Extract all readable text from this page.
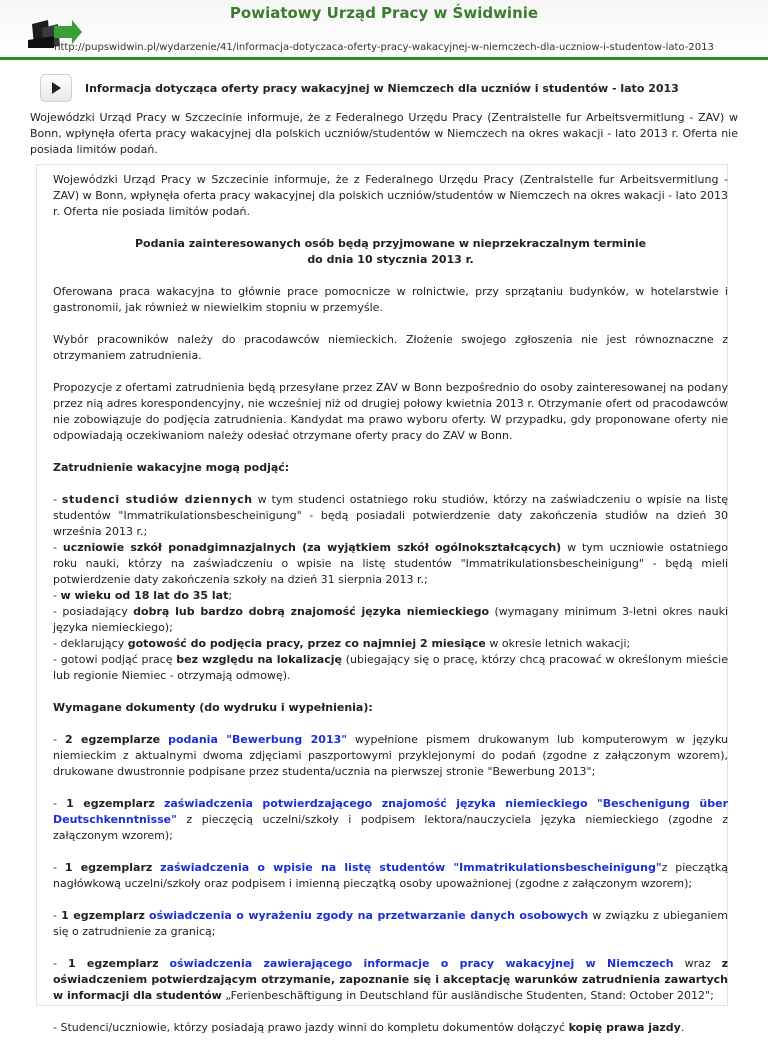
Powiatowy Urząd Pracy w Świdwinie
http://pupswidwin.pl/wydarzenie/41/informacja-dotyczaca-oferty-pracy-wakacyjnej-w-niemczech-dla-uczniow-i-studentow-lato-2013
Informacja dotycząca oferty pracy wakacyjnej w Niemczech dla uczniów i studentów - lato 2013
Wojewódzki Urząd Pracy w Szczecinie informuje, że z Federalnego Urzędu Pracy (Zentralstelle fur Arbeitsvermitlung - ZAV) w Bonn, wpłynęła oferta pracy wakacyjnej dla polskich uczniów/studentów w Niemczech na okres wakacji - lato 2013 r. Oferta nie posiada limitów podań.

Wojewódzki Urząd Pracy w Szczecinie informuje, że z Federalnego Urzędu Pracy (Zentralstelle fur Arbeitsvermitlung - ZAV) w Bonn, wpłynęła oferta pracy wakacyjnej dla polskich uczniów/studentów w Niemczech na okres wakacji - lato 2013 r. Oferta nie posiada limitów podań.

Podania zainteresowanych osób będą przyjmowane w nieprzekraczalnym terminie
do dnia 10 stycznia 2013 r.

Oferowana praca wakacyjna to głównie prace pomocnicze w rolnictwie, przy sprzątaniu budynków, w hotelarstwie i gastronomii, jak również w niewielkim stopniu w przemyśle.

Wybór pracowników należy do pracodawców niemieckich. Złożenie swojego zgłoszenia nie jest równoznaczne z otrzymaniem zatrudnienia.

Propozycje z ofertami zatrudnienia będą przesyłane przez ZAV w Bonn bezpośrednio do osoby zainteresowanej na podany przez nią adres korespondencyjny, nie wcześniej niż od drugiej połowy kwietnia 2013 r. Otrzymanie ofert od pracodawców nie zobowiązuje do podjęcia zatrudnienia. Kandydat ma prawo wyboru oferty. W przypadku, gdy proponowane oferty nie odpowiadają oczekiwaniom należy odesłać otrzymane oferty pracy do ZAV w Bonn.

Zatrudnienie wakacyjne mogą podjąć:

- studenci studiów dziennych w tym studenci ostatniego roku studiów, którzy na zaświadczeniu o wpisie na listę studentów "Immatrikulationsbescheinigung" - będą posiadali potwierdzenie daty zakończenia studiów na dzień 30 września 2013 r.;
- uczniowie szkół ponadgimnazjalnych (za wyjątkiem szkół ogólnokształcących) w tym uczniowie ostatniego roku nauki, którzy na zaświadczeniu o wpisie na listę studentów "Immatrikulationsbescheinigung" - będą mieli potwierdzenie daty zakończenia szkoły na dzień 31 sierpnia 2013 r.;
- w wieku od 18 lat do 35 lat;
- posiadający dobrą lub bardzo dobrą znajomość języka niemieckiego (wymagany minimum 3-letni okres nauki języka niemieckiego);
- deklarujący gotowość do podjęcia pracy, przez co najmniej 2 miesiące w okresie letnich wakacji;
- gotowi podjąć pracę bez względu na lokalizację (ubiegający się o pracę, którzy chcą pracować w określonym mieście lub regionie Niemiec - otrzymają odmowę).

Wymagane dokumenty (do wydruku i wypełnienia):

- 2 egzemplarze podania "Bewerbung 2013" wypełnione pismem drukowanym lub komputerowym w języku niemieckim z aktualnymi dwoma zdjęciami paszportowymi przyklejonymi do podań (zgodne z załączonym wzorem), drukowane dwustronnie podpisane przez studenta/ucznia na pierwszej stronie "Bewerbung 2013";

- 1 egzemplarz zaświadczenia potwierdzającego znajomość języka niemieckiego "Beschenigung über Deutschkenntnisse" z pieczęcią uczelni/szkoły i podpisem lektora/nauczyciela języka niemieckiego (zgodne z załączonym wzorem);

- 1 egzemplarz zaświadczenia o wpisie na listę studentów "Immatrikulationsbescheinigung"z pieczątką nagłówkową uczelni/szkoły oraz podpisem i imienną pieczątką osoby upoważnionej (zgodne z załączonym wzorem);

- 1 egzemplarz oświadczenia o wyrażeniu zgody na przetwarzanie danych osobowych w związku z ubieganiem się o zatrudnienie za granicą;

- 1 egzemplarz oświadczenia zawierającego informacje o pracy wakacyjnej w Niemczech wraz z oświadczeniem potwierdzającym otrzymanie, zapoznanie się i akceptację warunków zatrudnienia zawartych w informacji dla studentów „Ferienbeschäftigung in Deutschland für ausländische Studenten, Stand: October 2012";

- Studenci/uczniowie, którzy posiadają prawo jazdy winni do kompletu dokumentów dołączyć kopię prawa jazdy.
